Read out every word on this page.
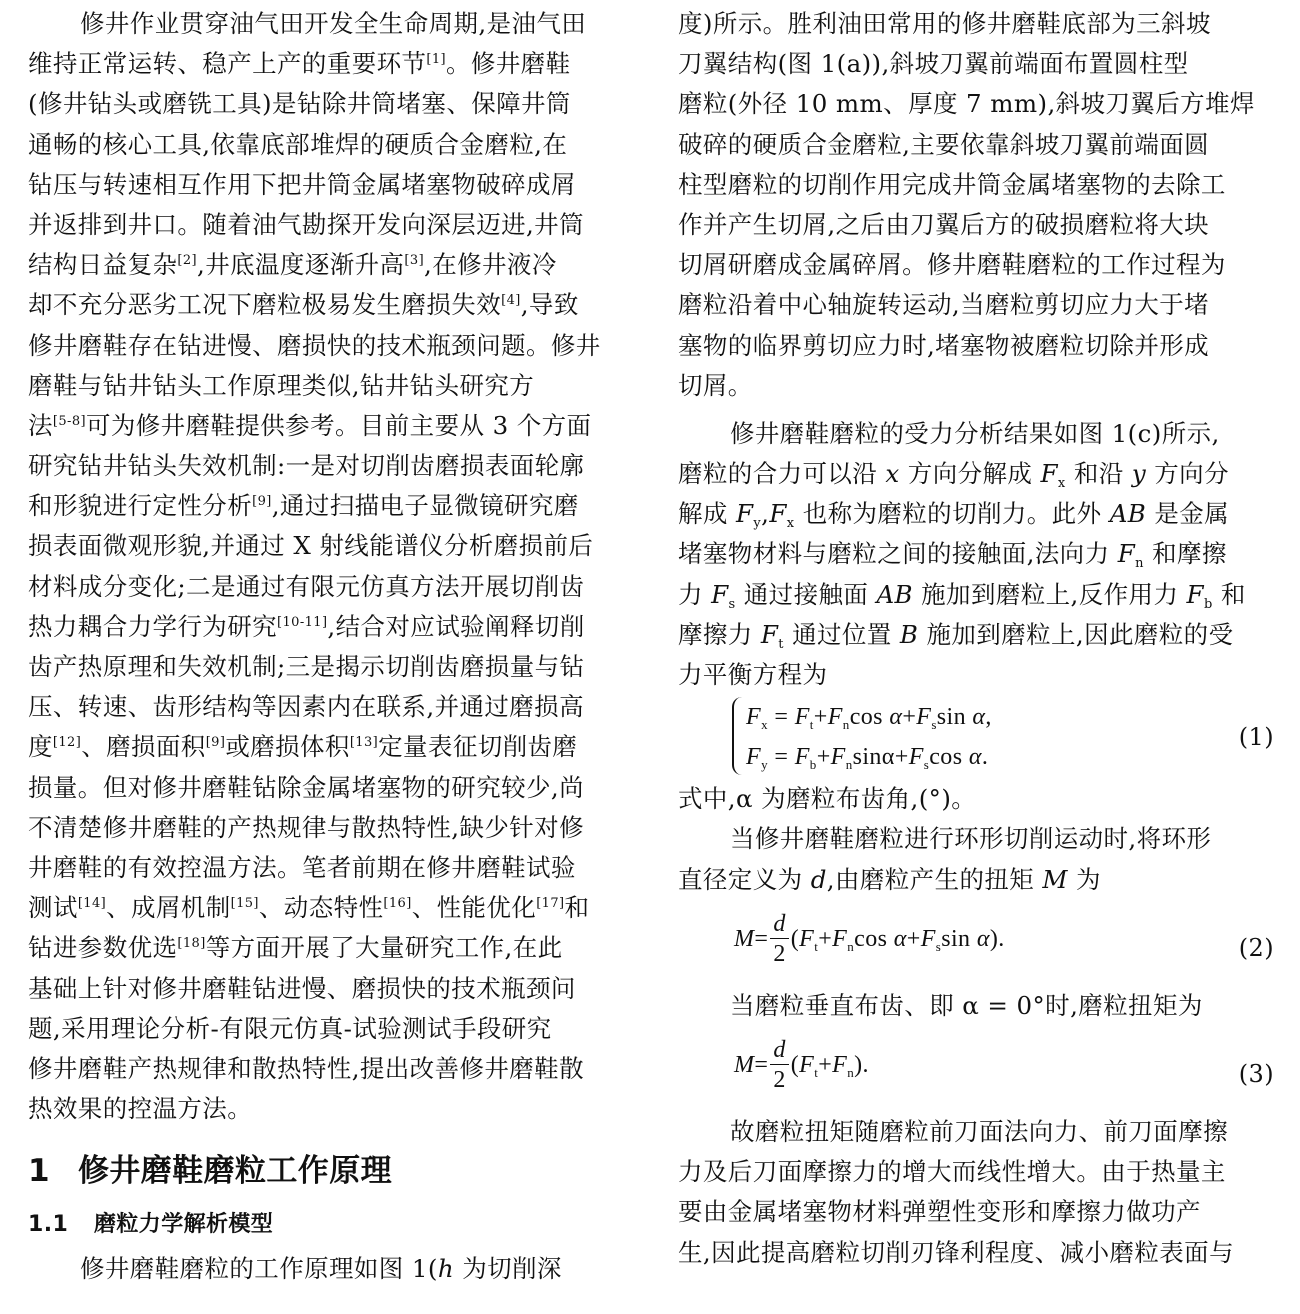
修井作业贯穿油气田开发全生命周期,是油气田
维持正常运转、稳产上产的重要环节[1]。修井磨鞋
(修井钻头或磨铣工具)是钻除井筒堵塞、保障井筒
通畅的核心工具,依靠底部堆焊的硬质合金磨粒,在
钻压与转速相互作用下把井筒金属堵塞物破碎成屑
并返排到井口。随着油气勘探开发向深层迈进,井筒
结构日益复杂[2],井底温度逐渐升高[3],在修井液冷
却不充分恶劣工况下磨粒极易发生磨损失效[4],导致
修井磨鞋存在钻进慢、磨损快的技术瓶颈问题。修井
磨鞋与钻井钻头工作原理类似,钻井钻头研究方
法[5-8]可为修井磨鞋提供参考。目前主要从 3 个方面
研究钻井钻头失效机制:一是对切削齿磨损表面轮廓
和形貌进行定性分析[9],通过扫描电子显微镜研究磨
损表面微观形貌,并通过 X 射线能谱仪分析磨损前后
材料成分变化;二是通过有限元仿真方法开展切削齿
热力耦合力学行为研究[10-11],结合对应试验阐释切削
齿产热原理和失效机制;三是揭示切削齿磨损量与钻
压、转速、齿形结构等因素内在联系,并通过磨损高
度[12]、磨损面积[9]或磨损体积[13]定量表征切削齿磨
损量。但对修井磨鞋钻除金属堵塞物的研究较少,尚
不清楚修井磨鞋的产热规律与散热特性,缺少针对修
井磨鞋的有效控温方法。笔者前期在修井磨鞋试验
测试[14]、成屑机制[15]、动态特性[16]、性能优化[17]和
钻进参数优选[18]等方面开展了大量研究工作,在此
基础上针对修井磨鞋钻进慢、磨损快的技术瓶颈问
题,采用理论分析-有限元仿真-试验测试手段研究
修井磨鞋产热规律和散热特性,提出改善修井磨鞋散
热效果的控温方法。
1 修井磨鞋磨粒工作原理
1.1 磨粒力学解析模型
修井磨鞋磨粒的工作原理如图 1(h 为切削深
度)所示。胜利油田常用的修井磨鞋底部为三斜坡
刀翼结构(图 1(a)),斜坡刀翼前端面布置圆柱型
磨粒(外径 10 mm、厚度 7 mm),斜坡刀翼后方堆焊
破碎的硬质合金磨粒,主要依靠斜坡刀翼前端面圆
柱型磨粒的切削作用完成井筒金属堵塞物的去除工
作并产生切屑,之后由刀翼后方的破损磨粒将大块
切屑研磨成金属碎屑。修井磨鞋磨粒的工作过程为
磨粒沿着中心轴旋转运动,当磨粒剪切应力大于堵
塞物的临界剪切应力时,堵塞物被磨粒切除并形成
切屑。
修井磨鞋磨粒的受力分析结果如图 1(c)所示,
磨粒的合力可以沿 x 方向分解成 $F_x$ 和沿 y 方向分
解成 $F_y,F_x$ 也称为磨粒的切削力。此外 AB 是金属
堵塞物材料与磨粒之间的接触面,法向力 $F_n$ 和摩擦
力 $F_s$ 通过接触面 AB 施加到磨粒上,反作用力 $F_b$ 和
摩擦力 $F_t$ 通过位置 B 施加到磨粒上,因此磨粒的受
力平衡方程为
$F_x = F_t+F_n\cos$ $\alpha+F_s\sin$ α,
$F_y = F_b+F_n\sin\alpha+F_s\cos$ α.
(1)
式中,α 为磨粒布齿角,(°)。
当修井磨鞋磨粒进行环形切削运动时,将环形
直径定义为 d,由磨粒产生的扭矩 M 为
$M= \frac{d}{2} (F_t+F_n\cos$ $\alpha+F_s\sin$ α).	(2)
当磨粒垂直布齿、即 α = 0°时,磨粒扭矩为
$M= \frac{d}{2} (F_t+F_n)$.	(3)
故磨粒扭矩随磨粒前刀面法向力、前刀面摩擦
力及后刀面摩擦力的增大而线性增大。由于热量主
要由金属堵塞物材料弹塑性变形和摩擦力做功产
生,因此提高磨粒切削刃锋利程度、减小磨粒表面与
